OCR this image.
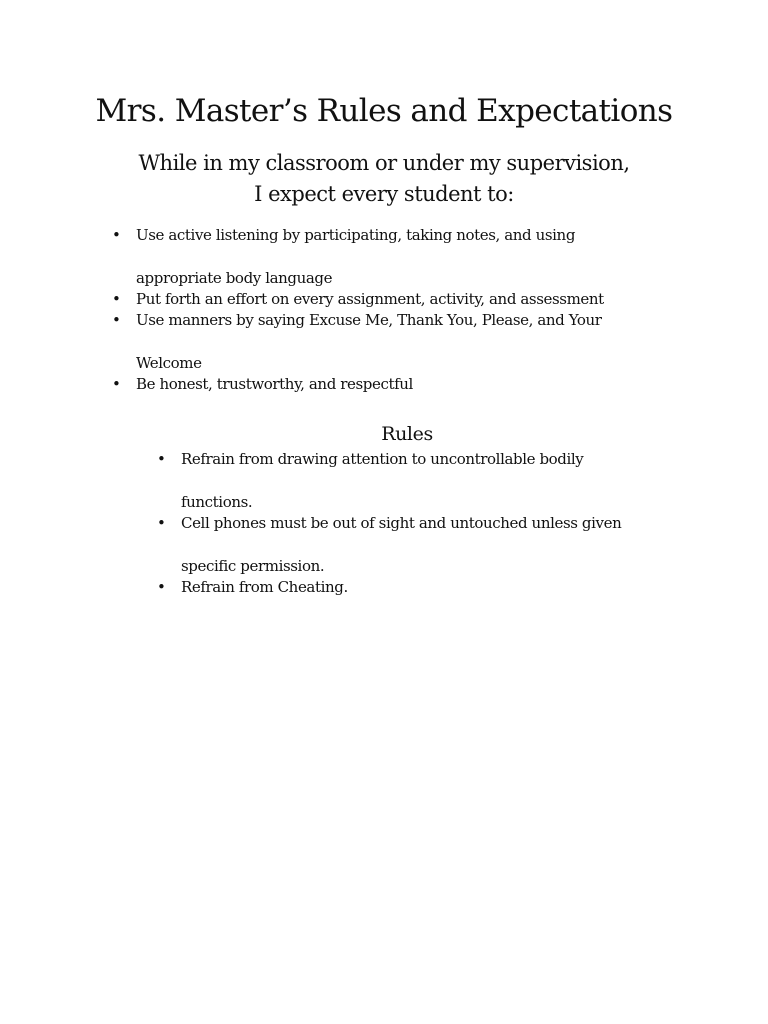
Mrs. Master’s Rules and Expectations
While in my classroom or under my supervision,
I expect every student to:
• Use active listening by participating, taking notes, and using
appropriate body language
• Put forth an effort on every assignment, activity, and assessment
• Use manners by saying Excuse Me, Thank You, Please, and Your
Welcome
• Be honest, trustworthy, and respectful
Rules
• Refrain from drawing attention to uncontrollable bodily
functions.
• Cell phones must be out of sight and untouched unless given
specific permission.
• Refrain from Cheating.
